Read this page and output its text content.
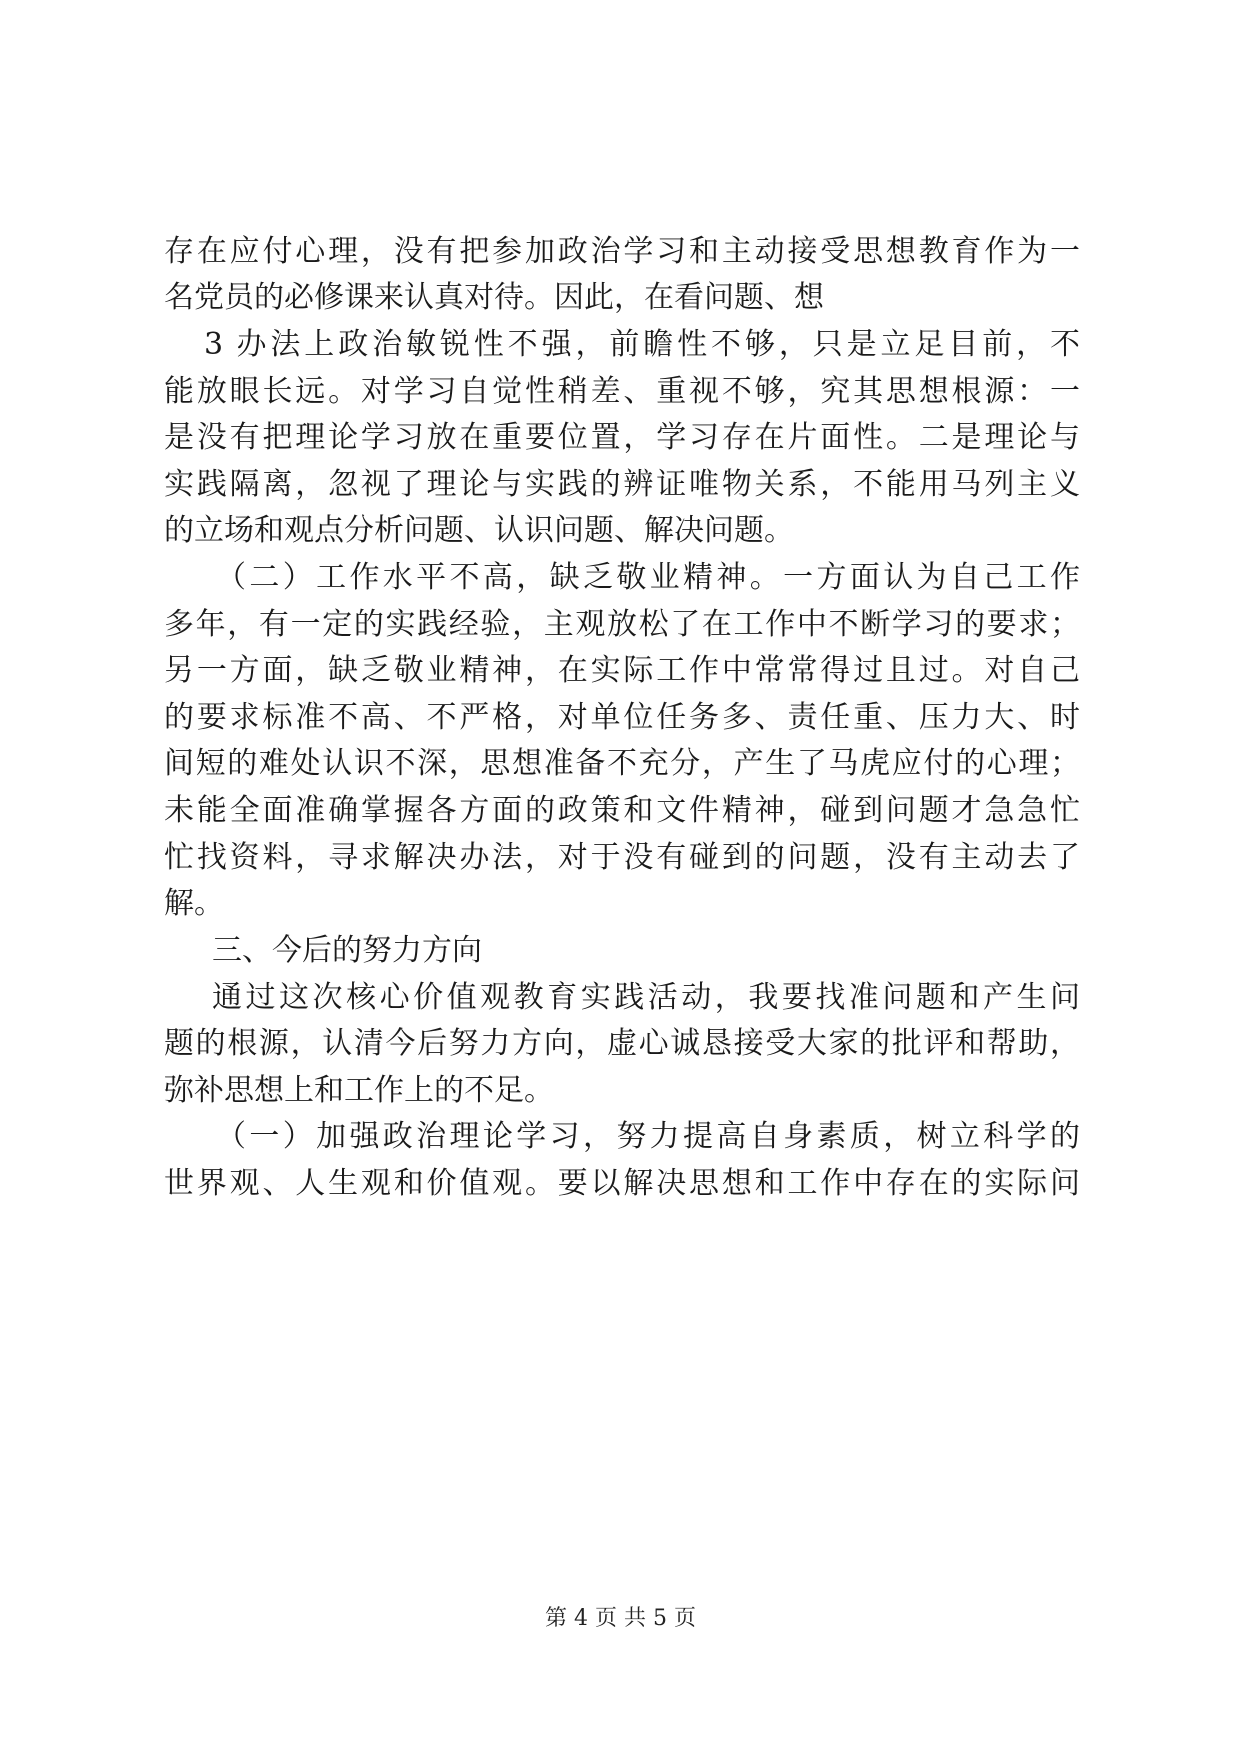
存在应付心理，没有把参加政治学习和主动接受思想教育作为一
名党员的必修课来认真对待。因此，在看问题、想
3 办法上政治敏锐性不强，前瞻性不够，只是立足目前，不
能放眼长远。对学习自觉性稍差、重视不够，究其思想根源：一
是没有把理论学习放在重要位置，学习存在片面性。二是理论与
实践隔离，忽视了理论与实践的辨证唯物关系，不能用马列主义
的立场和观点分析问题、认识问题、解决问题。
（二）工作水平不高，缺乏敬业精神。一方面认为自己工作
多年，有一定的实践经验，主观放松了在工作中不断学习的要求；
另一方面，缺乏敬业精神，在实际工作中常常得过且过。对自己
的要求标准不高、不严格，对单位任务多、责任重、压力大、时
间短的难处认识不深，思想准备不充分，产生了马虎应付的心理；
未能全面准确掌握各方面的政策和文件精神，碰到问题才急急忙
忙找资料，寻求解决办法，对于没有碰到的问题，没有主动去了
解。
三、今后的努力方向
通过这次核心价值观教育实践活动，我要找准问题和产生问
题的根源，认清今后努力方向，虚心诚恳接受大家的批评和帮助，
弥补思想上和工作上的不足。
（一）加强政治理论学习，努力提高自身素质，树立科学的
世界观、人生观和价值观。要以解决思想和工作中存在的实际问
第 4 页 共 5 页
